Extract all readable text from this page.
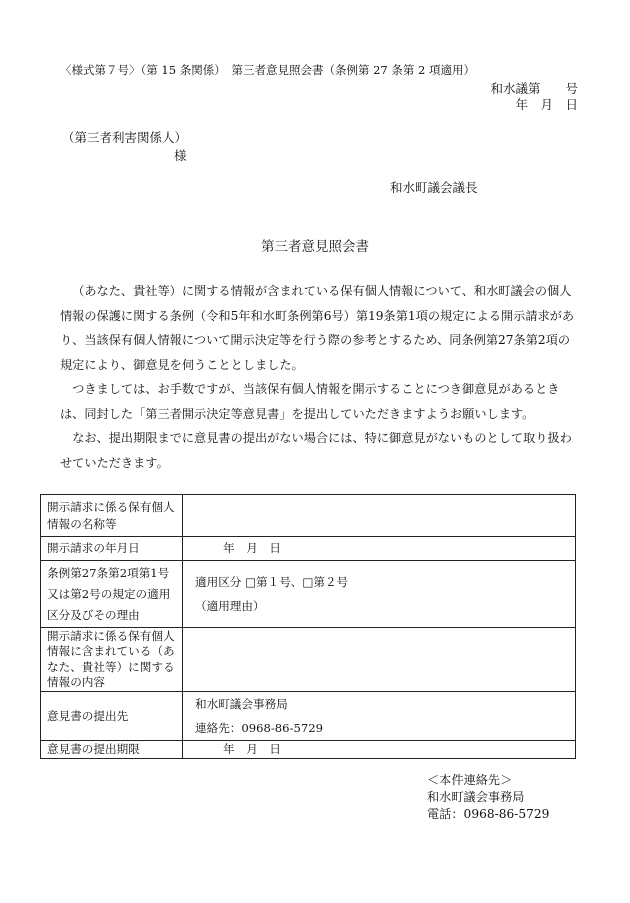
〈様式第７号〉（第 15 条関係）　第三者意見照会書（条例第 27 条第 2 項適用）
和水議第　　号
年　月　日
（第三者利害関係人）
様
和水町議会議長
第三者意見照会書

（あなた、貴社等）に関する情報が含まれている保有個人情報について、和水町議会の個人情報の保護に関する条例（令和5年和水町条例第6号）第19条第1項の規定による開示請求があり、当該保有個人情報について開示決定等を行う際の参考とするため、同条例第27条第2項の規定により、御意見を伺うこととしました。

つきましては、お手数ですが、当該保有個人情報を開示することにつき御意見があるときは、同封した「第三者開示決定等意見書」を提出していただきますようお願いします。

なお、提出期限までに意見書の提出がない場合には、特に御意見がないものとして取り扱わせていただきます。

開示請求に係る保有個人情報の名称等	
開示請求の年月日	年　月　日
条例第27条第2項第1号又は第2号の規定の適用区分及びその理由	適用区分 □第１号、□第２号
（適用理由）

開示請求に係る保有個人情報に含まれている（あなた、貴社等）に関する情報の内容	
意見書の提出先	和水町議会事務局
連絡先：0968-86-5729

意見書の提出期限	年　月　日
＜本件連絡先＞
和水町議会事務局
電話：0968-86-5729
